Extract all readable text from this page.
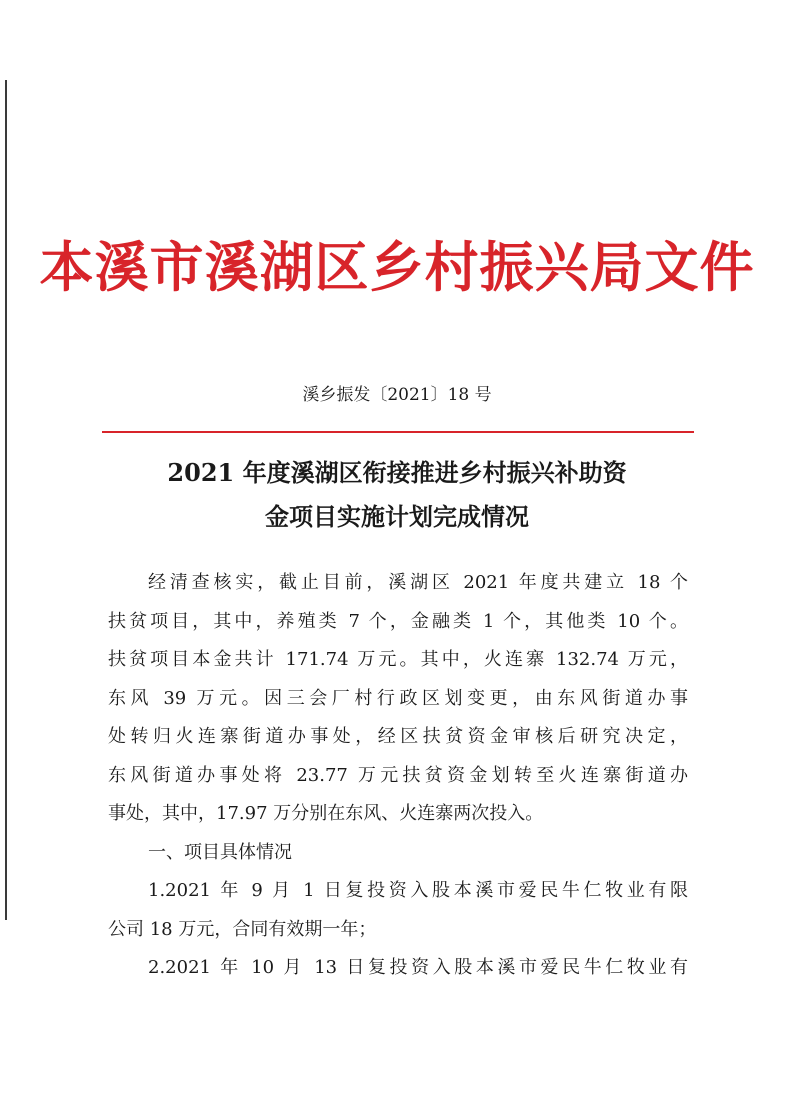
本溪市溪湖区乡村振兴局文件
溪乡振发〔2021〕18 号
2021 年度溪湖区衔接推进乡村振兴补助资
金项目实施计划完成情况
经清查核实，截止目前，溪湖区 2021 年度共建立 18 个
扶贫项目，其中，养殖类 7 个，金融类 1 个，其他类 10 个。
扶贫项目本金共计 171.74 万元。其中，火连寨 132.74 万元，
东风 39 万元。因三会厂村行政区划变更，由东风街道办事
处转归火连寨街道办事处，经区扶贫资金审核后研究决定，
东风街道办事处将 23.77 万元扶贫资金划转至火连寨街道办
事处，其中，17.97 万分别在东风、火连寨两次投入。
一、项目具体情况
1.2021 年 9 月 1 日复投资入股本溪市爱民牛仁牧业有限
公司 18 万元，合同有效期一年；
2.2021 年 10 月 13 日复投资入股本溪市爱民牛仁牧业有
